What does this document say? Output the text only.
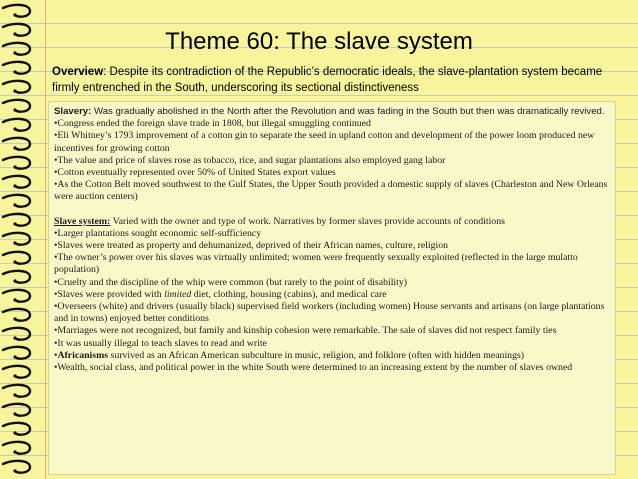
Theme 60: The slave system
Overview: Despite its contradiction of the Republic’s democratic ideals, the slave-plantation system became firmly entrenched in the South, underscoring its sectional distinctiveness

Slavery: Was gradually abolished in the North after the Revolution and was fading in the South but then was dramatically revived.

•Congress ended the foreign slave trade in 1808, but illegal smuggling continued

•Eli Whitney’s 1793 improvement of a cotton gin to separate the seed in upland cotton and development of the power loom produced new incentives for growing cotton

•The value and price of slaves rose as tobacco, rice, and sugar plantations also employed gang labor

•Cotton eventually represented over 50% of United States export values

•As the Cotton Belt moved southwest to the Gulf States, the Upper South provided a domestic supply of slaves (Charleston and New Orleans were auction centers)

Slave system: Varied with the owner and type of work. Narratives by former slaves provide accounts of conditions

•Larger plantations sought economic self-sufficiency

•Slaves were treated as property and dehumanized, deprived of their African names, culture, religion

•The owner’s power over his slaves was virtually unlimited; women were frequently sexually exploited (reflected in the large mulatto population)

•Cruelty and the discipline of the whip were common (but rarely to the point of disability)

•Slaves were provided with limited diet, clothing, housing (cabins), and medical care

•Overseers (white) and drivers (usually black) supervised field workers (including women) House servants and artisans (on large plantations and in towns) enjoyed better conditions

•Marriages were not recognized, but family and kinship cohesion were remarkable. The sale of slaves did not respect family ties

•It was usually illegal to teach slaves to read and write

•Africanisms survived as an African American subculture in music, religion, and folklore (often with hidden meanings)

•Wealth, social class, and political power in the white South were determined to an increasing extent by the number of slaves owned
